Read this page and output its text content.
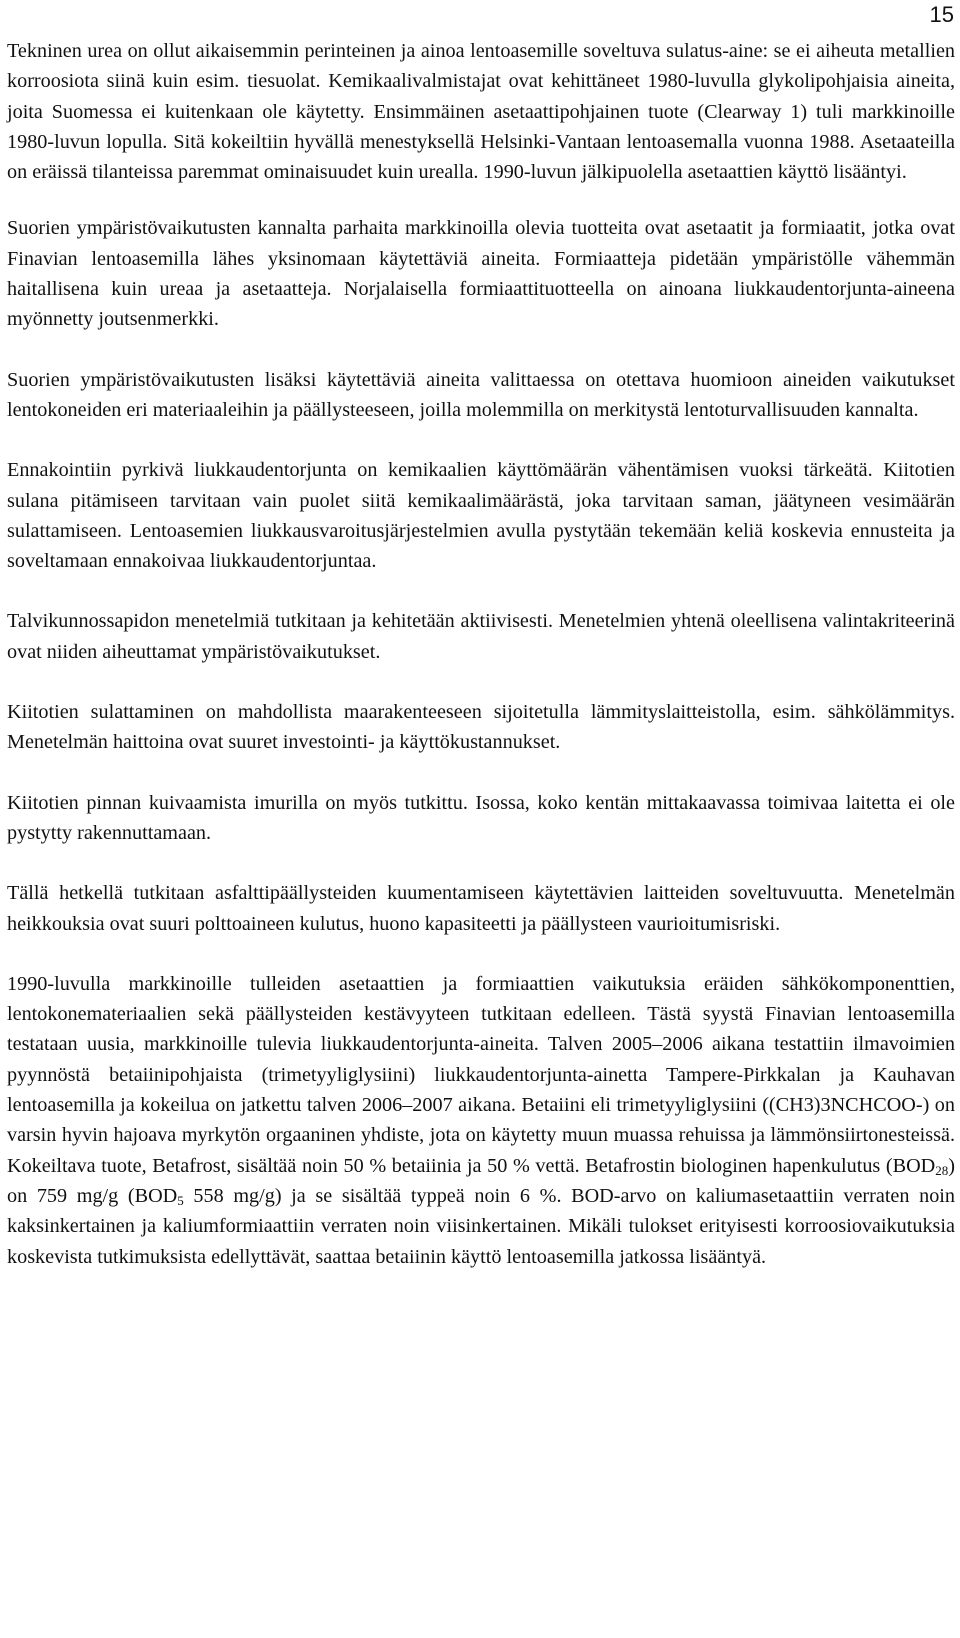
15

Tekninen urea on ollut aikaisemmin perinteinen ja ainoa lentoasemille soveltuva sulatus-aine: se ei aiheuta metallien korroosiota siinä kuin esim. tiesuolat. Kemikaalivalmistajat ovat kehittäneet 1980-luvulla glykolipohjaisia aineita, joita Suomessa ei kuitenkaan ole käytetty. Ensimmäinen asetaattipohjainen tuote (Clearway 1) tuli markkinoille 1980-luvun lopulla. Sitä kokeiltiin hyvällä menestyksellä Helsinki-Vantaan lentoasemalla vuonna 1988. Asetaateilla on eräissä tilanteissa paremmat ominaisuudet kuin urealla. 1990-luvun jälkipuolella asetaattien käyttö lisääntyi.

Suorien ympäristövaikutusten kannalta parhaita markkinoilla olevia tuotteita ovat asetaatit ja formiaatit, jotka ovat Finavian lentoasemilla lähes yksinomaan käytettäviä aineita. Formiaatteja pidetään ympäristölle vähemmän haitallisena kuin ureaa ja asetaatteja. Norjalaisella formiaattituotteella on ainoana liukkaudentorjunta-aineena myönnetty joutsenmerkki.

Suorien ympäristövaikutusten lisäksi käytettäviä aineita valittaessa on otettava huomioon aineiden vaikutukset lentokoneiden eri materiaaleihin ja päällysteeseen, joilla molemmilla on merkitystä lentoturvallisuuden kannalta.

Ennakointiin pyrkivä liukkaudentorjunta on kemikaalien käyttömäärän vähentämisen vuoksi tärkeätä. Kiitotien sulana pitämiseen tarvitaan vain puolet siitä kemikaalimäärästä, joka tarvitaan saman, jäätyneen vesimäärän sulattamiseen. Lentoasemien liukkausvaroitusjärjestelmien avulla pystytään tekemään keliä koskevia ennusteita ja soveltamaan ennakoivaa liukkaudentorjuntaa.

Talvikunnossapidon menetelmiä tutkitaan ja kehitetään aktiivisesti. Menetelmien yhtenä oleellisena valintakriteerinä ovat niiden aiheuttamat ympäristövaikutukset.

Kiitotien sulattaminen on mahdollista maarakenteeseen sijoitetulla lämmityslaitteistolla, esim. sähkölämmitys. Menetelmän haittoina ovat suuret investointi- ja käyttökustannukset.

Kiitotien pinnan kuivaamista imurilla on myös tutkittu. Isossa, koko kentän mittakaavassa toimivaa laitetta ei ole pystytty rakennuttamaan.

Tällä hetkellä tutkitaan asfalttipäällysteiden kuumentamiseen käytettävien laitteiden soveltuvuutta. Menetelmän heikkouksia ovat suuri polttoaineen kulutus, huono kapasiteetti ja päällysteen vaurioitumisriski.

1990-luvulla markkinoille tulleiden asetaattien ja formiaattien vaikutuksia eräiden sähkökomponenttien, lentokonemateriaalien sekä päällysteiden kestävyyteen tutkitaan edelleen. Tästä syystä Finavian lentoasemilla testataan uusia, markkinoille tulevia liukkaudentorjunta-aineita. Talven 2005–2006 aikana testattiin ilmavoimien pyynnöstä betaiinipohjaista (trimetyyliglysiini) liukkaudentorjunta-ainetta Tampere-Pirkkalan ja Kauhavan lentoasemilla ja kokeilua on jatkettu talven 2006–2007 aikana. Betaiini eli trimetyyliglysiini ((CH3)3NCHCOO-) on varsin hyvin hajoava myrkytön orgaaninen yhdiste, jota on käytetty muun muassa rehuissa ja lämmönsiirtonesteissä. Kokeiltava tuote, Betafrost, sisältää noin 50 % betaiinia ja 50 % vettä. Betafrostin biologinen hapenkulutus $(BOD_{28})$ on 759 mg/g ($BOD_5$ 558 mg/g) ja se sisältää typpeä noin 6 %. BOD-arvo on kaliumasetaattiin verraten noin kaksinkertainen ja kaliumformiaattiin verraten noin viisinkertainen. Mikäli tulokset erityisesti korroosiovaikutuksia koskevista tutkimuksista edellyttävät, saattaa betaiinin käyttö lentoasemilla jatkossa lisääntyä.
